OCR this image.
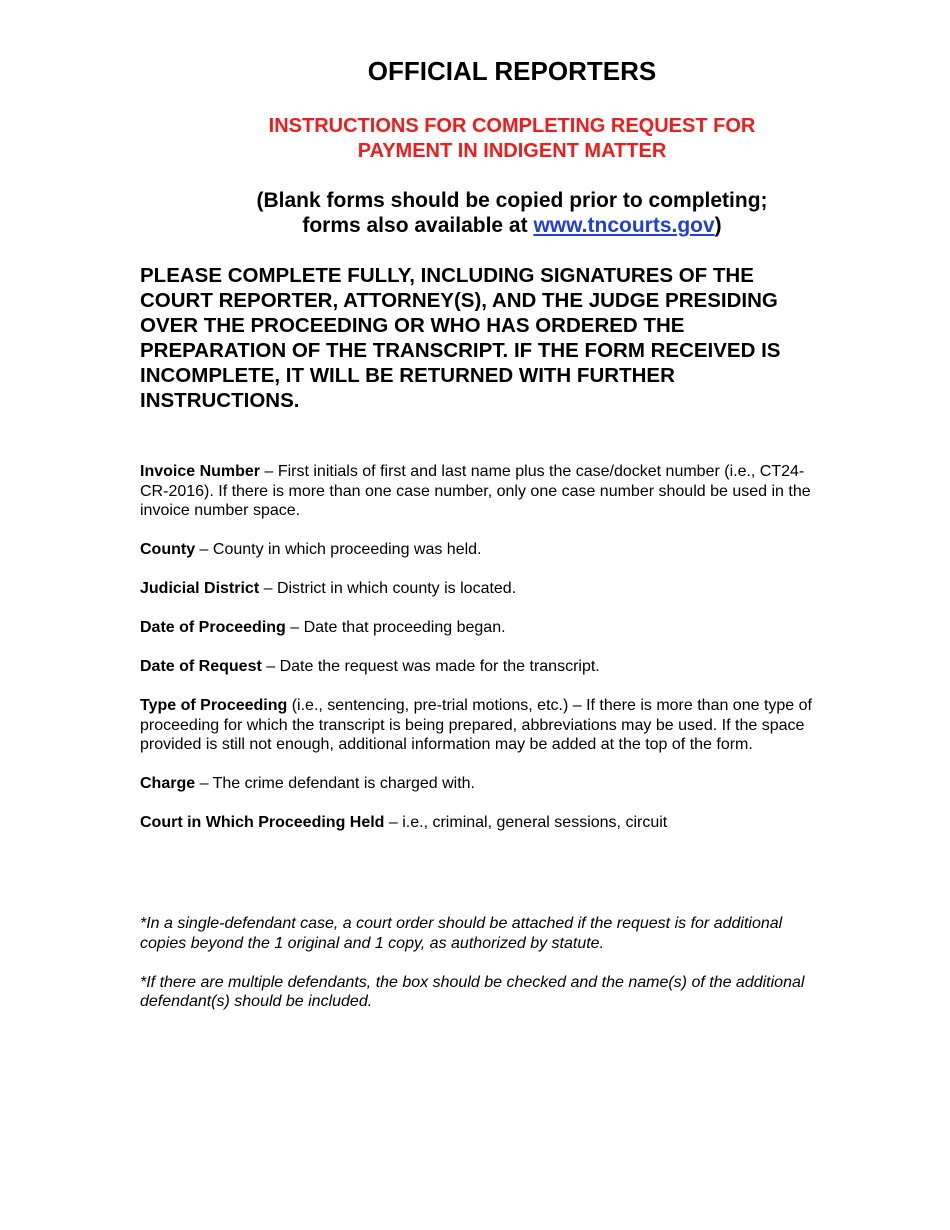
OFFICIAL REPORTERS
INSTRUCTIONS FOR COMPLETING REQUEST FOR
PAYMENT IN INDIGENT MATTER
(Blank forms should be copied prior to completing;
forms also available at www.tncourts.gov)
PLEASE COMPLETE FULLY, INCLUDING SIGNATURES OF THE COURT REPORTER, ATTORNEY(S), AND THE JUDGE PRESIDING OVER THE PROCEEDING OR WHO HAS ORDERED THE PREPARATION OF THE TRANSCRIPT. IF THE FORM RECEIVED IS INCOMPLETE, IT WILL BE RETURNED WITH FURTHER INSTRUCTIONS.

Invoice Number – First initials of first and last name plus the case/docket number (i.e., CT24-CR-2016). If there is more than one case number, only one case number should be used in the invoice number space.

County – County in which proceeding was held.

Judicial District – District in which county is located.

Date of Proceeding – Date that proceeding began.

Date of Request – Date the request was made for the transcript.

Type of Proceeding (i.e., sentencing, pre-trial motions, etc.) – If there is more than one type of proceeding for which the transcript is being prepared, abbreviations may be used. If the space provided is still not enough, additional information may be added at the top of the form.

Charge – The crime defendant is charged with.

Court in Which Proceeding Held – i.e., criminal, general sessions, circuit

*In a single-defendant case, a court order should be attached if the request is for additional copies beyond the 1 original and 1 copy, as authorized by statute.

*If there are multiple defendants, the box should be checked and the name(s) of the additional defendant(s) should be included.
